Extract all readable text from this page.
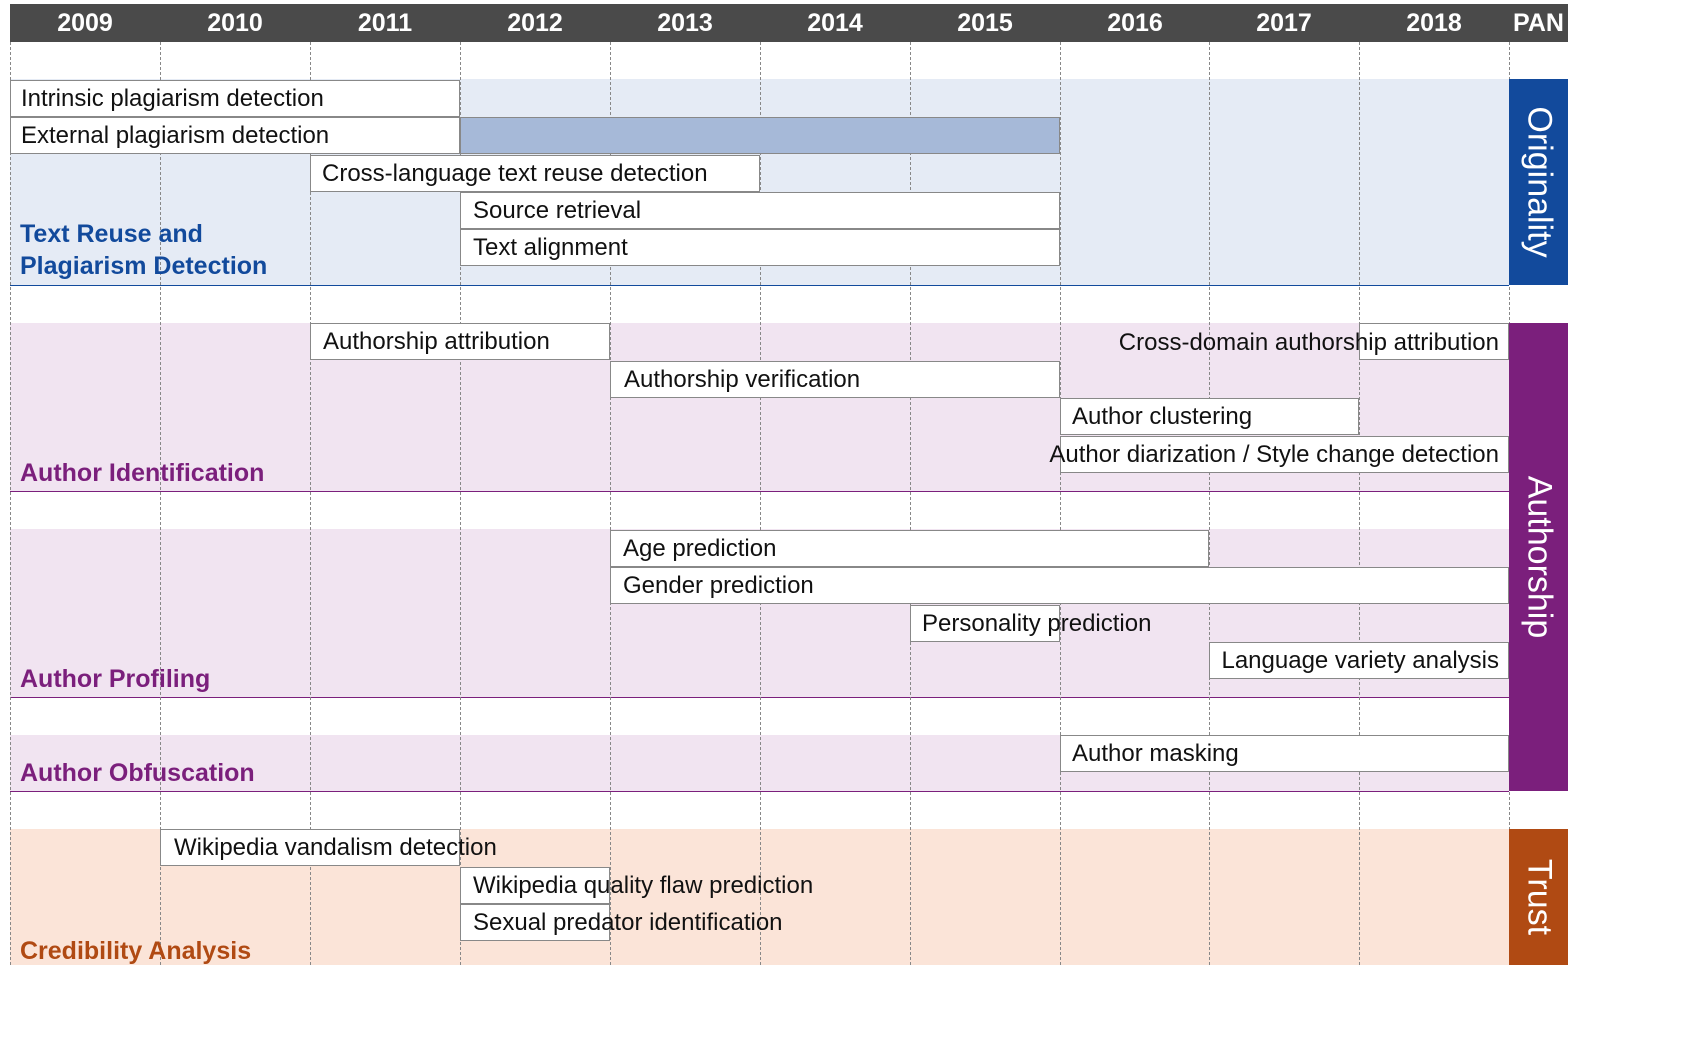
2009	2010	2011	2012	2013	2014	2015	2016	2017	2018	PAN
Intrinsic plagiarism detection
External plagiarism detection
Cross-language text reuse detection
Source retrieval
Text alignment
Authorship attribution	Cross-domain authorship attribution
Authorship verification
Author clustering
Author diarization / Style change detection
Age prediction
Gender prediction
Personality prediction
Language variety analysis
Author masking
Wikipedia vandalism detection
Wikipedia quality flaw prediction
Sexual predator identification
Text Reuse and
Plagiarism Detection
Author Identification
Author Profiling
Author Obfuscation
Credibility Analysis
Originality
Authorship
Trust
